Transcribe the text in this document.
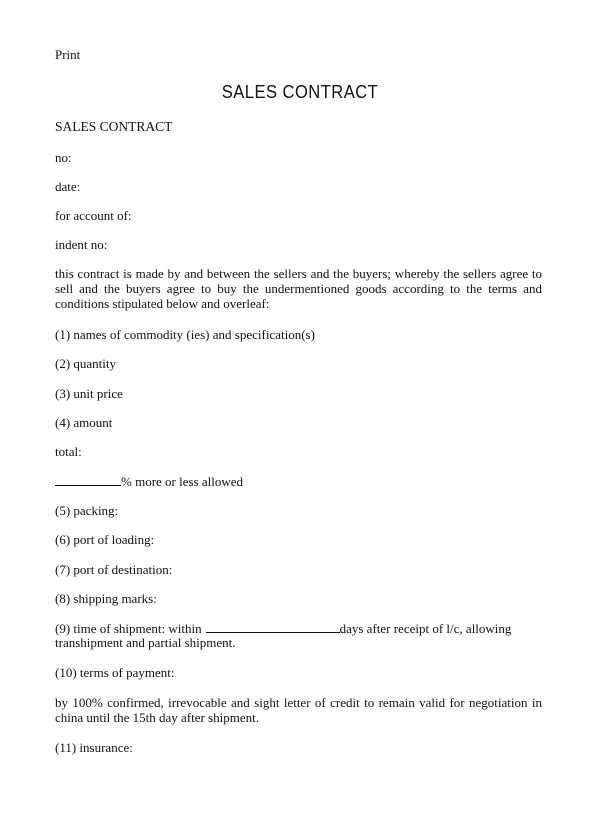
Print
SALES CONTRACT
SALES CONTRACT
no:
date:
for account of:
indent no:
this contract is made by and between the sellers and the buyers; whereby the sellers agree to sell and the buyers agree to buy the undermentioned goods according to the terms and conditions stipulated below and overleaf:
(1) names of commodity (ies) and specification(s)
(2) quantity
(3) unit price
(4) amount
total:
% more or less allowed
(5) packing:
(6) port of loading:
(7) port of destination:
(8) shipping marks:
(9) time of shipment: within	days after receipt of l/c, allowing
transhipment and partial shipment.
(10) terms of payment:
by 100% confirmed, irrevocable and sight letter of credit to remain valid for negotiation in china until the 15th day after shipment.
(11) insurance:
